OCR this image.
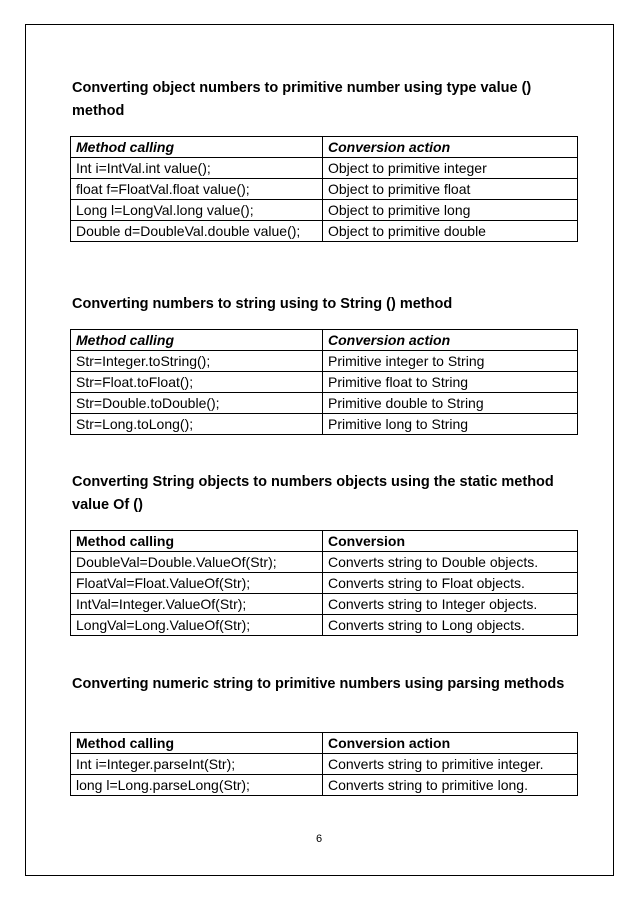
Converting object numbers to primitive number using type value () method

Method calling	Conversion action
Int i=IntVal.int value();	Object to primitive integer
float f=FloatVal.float value();	Object to primitive float
Long l=LongVal.long value();	Object to primitive long
Double d=DoubleVal.double value();	Object to primitive double

Converting numbers to string using to String () method

Method calling	Conversion action
Str=Integer.toString();	Primitive integer to String
Str=Float.toFloat();	Primitive float to String
Str=Double.toDouble();	Primitive double to String
Str=Long.toLong();	Primitive long to String

Converting String objects to numbers objects using the static method value Of ()

Method calling	Conversion
DoubleVal=Double.ValueOf(Str);	Converts string to Double objects.
FloatVal=Float.ValueOf(Str);	Converts string to Float objects.
IntVal=Integer.ValueOf(Str);	Converts string to Integer objects.
LongVal=Long.ValueOf(Str);	Converts string to Long objects.

Converting numeric string to primitive numbers using parsing methods

Method calling	Conversion action
Int i=Integer.parseInt(Str);	Converts string to primitive integer.
long l=Long.parseLong(Str);	Converts string to primitive long.
6
